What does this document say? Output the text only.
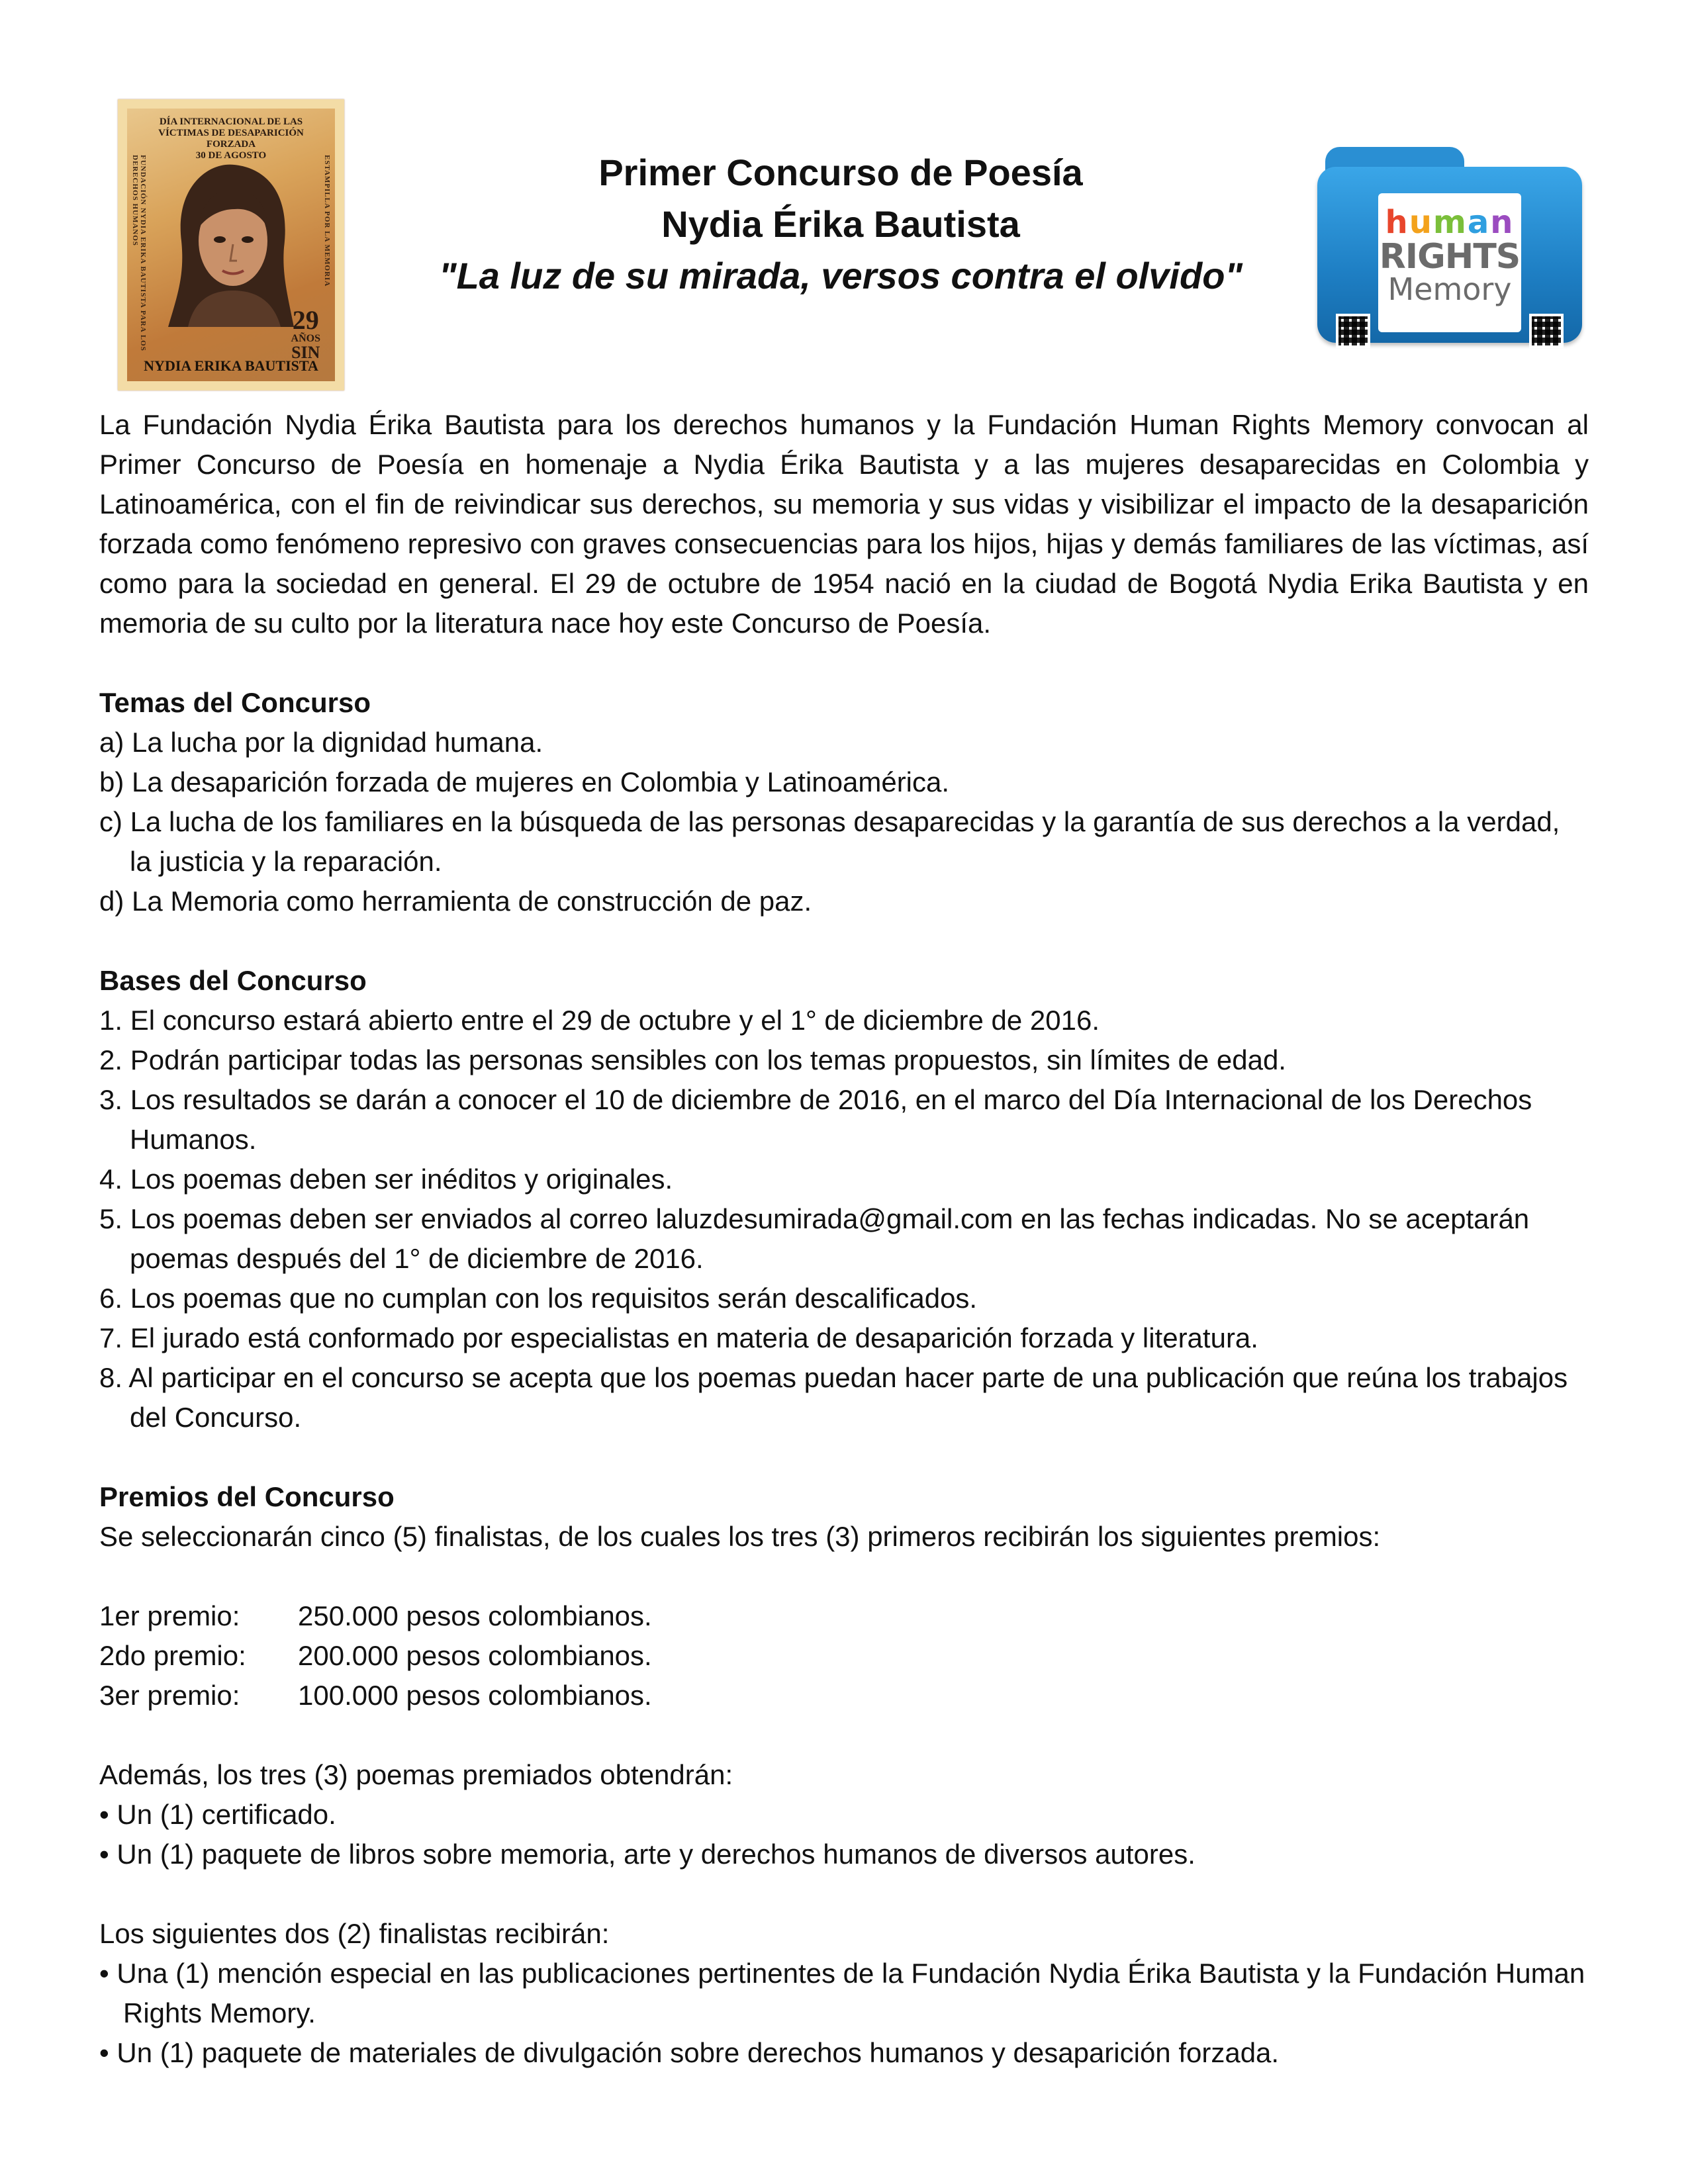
DÍA INTERNACIONAL DE LAS VÍCTIMAS DE DESAPARICIÓN FORZADA
30 DE AGOSTO
FUNDACIÓN NYDIA ERIKA BAUTISTA PARA LOS DERECHOS HUMANOS	ESTAMPILLA POR LA MEMORIA
29
AÑOS
SIN
NYDIA ERIKA BAUTISTA
Primer Concurso de Poesía
Nydia Érika Bautista
"La luz de su mirada, versos contra el olvido"
human
RIGHTS
Memory

La Fundación Nydia Érika Bautista para los derechos humanos y la Fundación Human Rights Memory convocan al Primer Concurso de Poesía en homenaje a Nydia Érika Bautista y a las mujeres desaparecidas en Colombia y Latinoamérica, con el fin de reivindicar sus derechos, su memoria y sus vidas y visibilizar el impacto de la desaparición forzada como fenómeno represivo con graves consecuencias para los hijos, hijas y demás familiares de las víctimas, así como para la sociedad en general. El 29 de octubre de 1954 nació en la ciudad de Bogotá Nydia Erika Bautista y en memoria de su culto por la literatura nace hoy este Concurso de Poesía.

Temas del Concurso

a) La lucha por la dignidad humana.

b) La desaparición forzada de mujeres en Colombia y Latinoamérica.

c) La lucha de los familiares en la búsqueda de las personas desaparecidas y la garantía de sus derechos a la verdad, la justicia y la reparación.

d) La Memoria como herramienta de construcción de paz.

Bases del Concurso

1. El concurso estará abierto entre el 29 de octubre y el 1° de diciembre de 2016.

2. Podrán participar todas las personas sensibles con los temas propuestos, sin límites de edad.

3. Los resultados se darán a conocer el 10 de diciembre de 2016, en el marco del Día Internacional de los Derechos Humanos.

4. Los poemas deben ser inéditos y originales.

5. Los poemas deben ser enviados al correo laluzdesumirada@gmail.com en las fechas indicadas. No se aceptarán poemas después del 1° de diciembre de 2016.

6. Los poemas que no cumplan con los requisitos serán descalificados.

7. El jurado está conformado por especialistas en materia de desaparición forzada y literatura.

8. Al participar en el concurso se acepta que los poemas puedan hacer parte de una publicación que reúna los trabajos del Concurso.

Premios del Concurso

Se seleccionarán cinco (5) finalistas, de los cuales los tres (3) primeros recibirán los siguientes premios:

1er premio:	250.000 pesos colombianos.
2do premio:	200.000 pesos colombianos.
3er premio:	100.000 pesos colombianos.

Además, los tres (3) poemas premiados obtendrán:

• Un (1) certificado.

• Un (1) paquete de libros sobre memoria, arte y derechos humanos de diversos autores.

Los siguientes dos (2) finalistas recibirán:

• Una (1) mención especial en las publicaciones pertinentes de la Fundación Nydia Érika Bautista y la Fundación Human Rights Memory.

• Un (1) paquete de materiales de divulgación sobre derechos humanos y desaparición forzada.
